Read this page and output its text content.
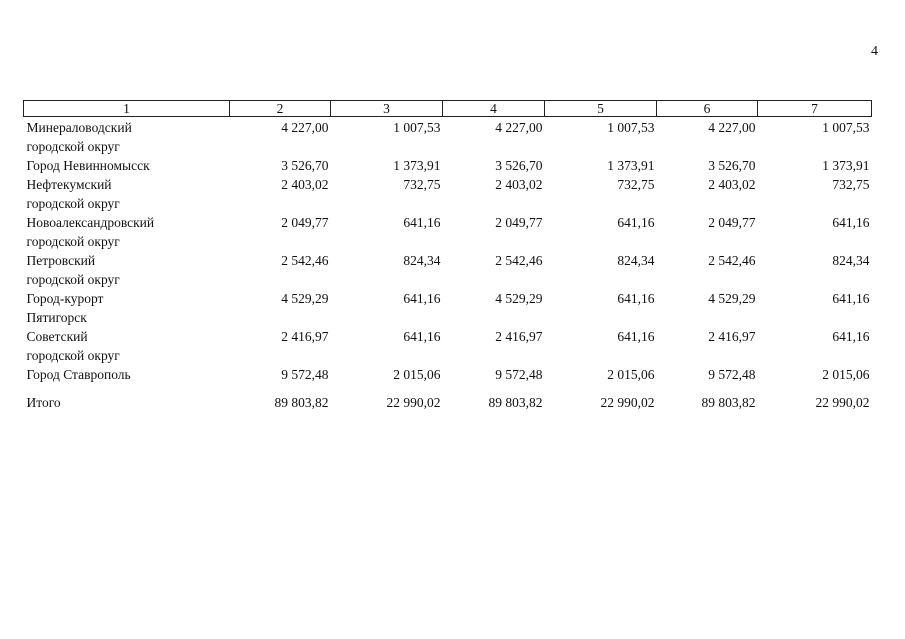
4
1	2	3	4	5	6	7
Минераловодский
городской округ	4 227,00	1 007,53	4 227,00	1 007,53	4 227,00	1 007,53
Город Невинномысск	3 526,70	1 373,91	3 526,70	1 373,91	3 526,70	1 373,91
Нефтекумский
городской округ	2 403,02	732,75	2 403,02	732,75	2 403,02	732,75
Новоалександровский
городской округ	2 049,77	641,16	2 049,77	641,16	2 049,77	641,16
Петровский
городской округ	2 542,46	824,34	2 542,46	824,34	2 542,46	824,34
Город-курорт
Пятигорск	4 529,29	641,16	4 529,29	641,16	4 529,29	641,16
Советский
городской округ	2 416,97	641,16	2 416,97	641,16	2 416,97	641,16
Город Ставрополь	9 572,48	2 015,06	9 572,48	2 015,06	9 572,48	2 015,06

Итого	89 803,82	22 990,02	89 803,82	22 990,02	89 803,82	22 990,02
